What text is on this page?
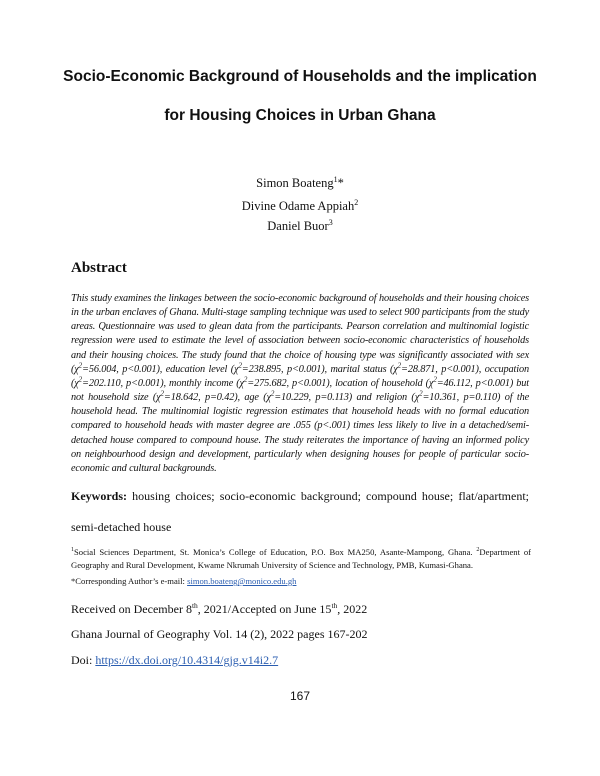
Socio-Economic Background of Households and the implication
for Housing Choices in Urban Ghana
Simon Boateng$^1$*
Divine Odame Appiah$^2$
Daniel Buor$^3$
Abstract
This study examines the linkages between the socio-economic background of households and their housing choices in the urban enclaves of Ghana. Multi-stage sampling technique was used to select 900 participants from the study areas. Questionnaire was used to glean data from the participants. Pearson correlation and multinomial logistic regression were used to estimate the level of association between socio-economic characteristics of households and their housing choices. The study found that the choice of housing type was significantly associated with sex ($\chi^2=56.004$, p<0.001), education level ($\chi^2=238.895$, p<0.001), marital status ($\chi^2=28.871$, p<0.001), occupation ($\chi^2=202.110$, p<0.001), monthly income ($\chi^2=275.682$, p<0.001), location of household ($\chi^2=46.112$, p<0.001) but not household size ($\chi^2=18.642$, p=0.42), age ($\chi^2=10.229$, p=0.113) and religion ($\chi^2=10.361$, p=0.110) of the household head. The multinomial logistic regression estimates that household heads with no formal education compared to household heads with master degree are .055 (p<.001) times less likely to live in a detached/semi-detached house compared to compound house. The study reiterates the importance of having an informed policy on neighbourhood design and development, particularly when designing houses for people of particular socio-economic and cultural backgrounds.
Keywords: housing choices; socio-economic background; compound house; flat/apartment; semi-detached house
$^1$Social Sciences Department, St. Monica’s College of Education, P.O. Box MA250, Asante-Mampong, Ghana. $^2$Department of Geography and Rural Development, Kwame Nkrumah University of Science and Technology, PMB, Kumasi-Ghana.
*Corresponding Author’s e-mail: simon.boateng@monico.edu.gh
Received on December 8th, 2021/Accepted on June 15th, 2022
Ghana Journal of Geography Vol. 14 (2), 2022 pages 167-202
Doi: https://dx.doi.org/10.4314/gjg.v14i2.7
167
